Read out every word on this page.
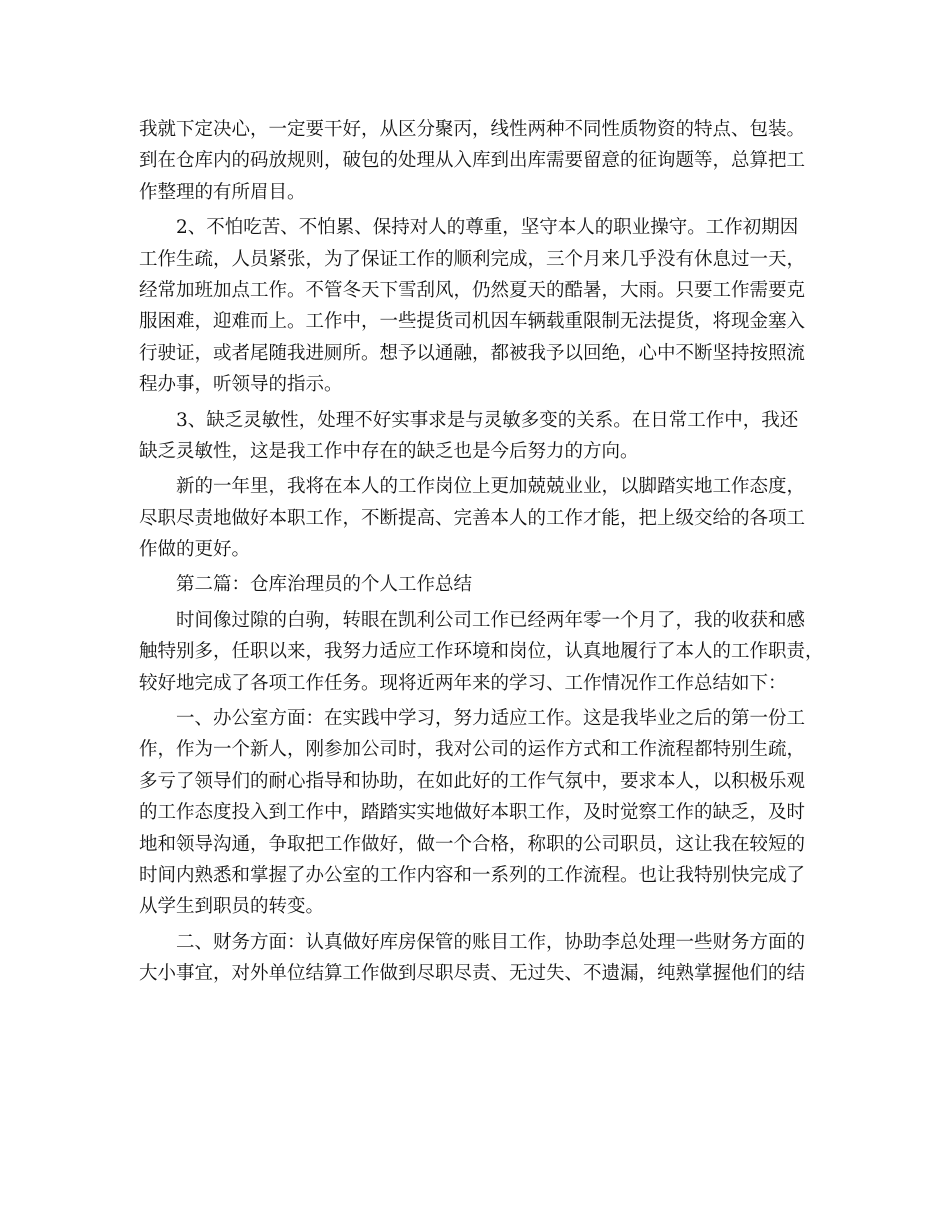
我就下定决心，一定要干好，从区分聚丙，线性两种不同性质物资的特点、包装。
到在仓库内的码放规则，破包的处理从入库到出库需要留意的征询题等，总算把工
作整理的有所眉目。
　　2、不怕吃苦、不怕累、保持对人的尊重，坚守本人的职业操守。工作初期因
工作生疏，人员紧张，为了保证工作的顺利完成，三个月来几乎没有休息过一天，
经常加班加点工作。不管冬天下雪刮风，仍然夏天的酷暑，大雨。只要工作需要克
服困难，迎难而上。工作中，一些提货司机因车辆载重限制无法提货，将现金塞入
行驶证，或者尾随我进厕所。想予以通融，都被我予以回绝，心中不断坚持按照流
程办事，听领导的指示。
　　3、缺乏灵敏性，处理不好实事求是与灵敏多变的关系。在日常工作中，我还
缺乏灵敏性，这是我工作中存在的缺乏也是今后努力的方向。
　　新的一年里，我将在本人的工作岗位上更加兢兢业业，以脚踏实地工作态度，
尽职尽责地做好本职工作，不断提高、完善本人的工作才能，把上级交给的各项工
作做的更好。
　　第二篇：仓库治理员的个人工作总结
　　时间像过隙的白驹，转眼在凯利公司工作已经两年零一个月了，我的收获和感
触特别多，任职以来，我努力适应工作环境和岗位，认真地履行了本人的工作职责，
较好地完成了各项工作任务。现将近两年来的学习、工作情况作工作总结如下：
　　一、办公室方面：在实践中学习，努力适应工作。这是我毕业之后的第一份工
作，作为一个新人，刚参加公司时，我对公司的运作方式和工作流程都特别生疏，
多亏了领导们的耐心指导和协助，在如此好的工作气氛中，要求本人，以积极乐观
的工作态度投入到工作中，踏踏实实地做好本职工作，及时觉察工作的缺乏，及时
地和领导沟通，争取把工作做好，做一个合格，称职的公司职员，这让我在较短的
时间内熟悉和掌握了办公室的工作内容和一系列的工作流程。也让我特别快完成了
从学生到职员的转变。
　　二、财务方面：认真做好库房保管的账目工作，协助李总处理一些财务方面的
大小事宜，对外单位结算工作做到尽职尽责、无过失、不遗漏，纯熟掌握他们的结
